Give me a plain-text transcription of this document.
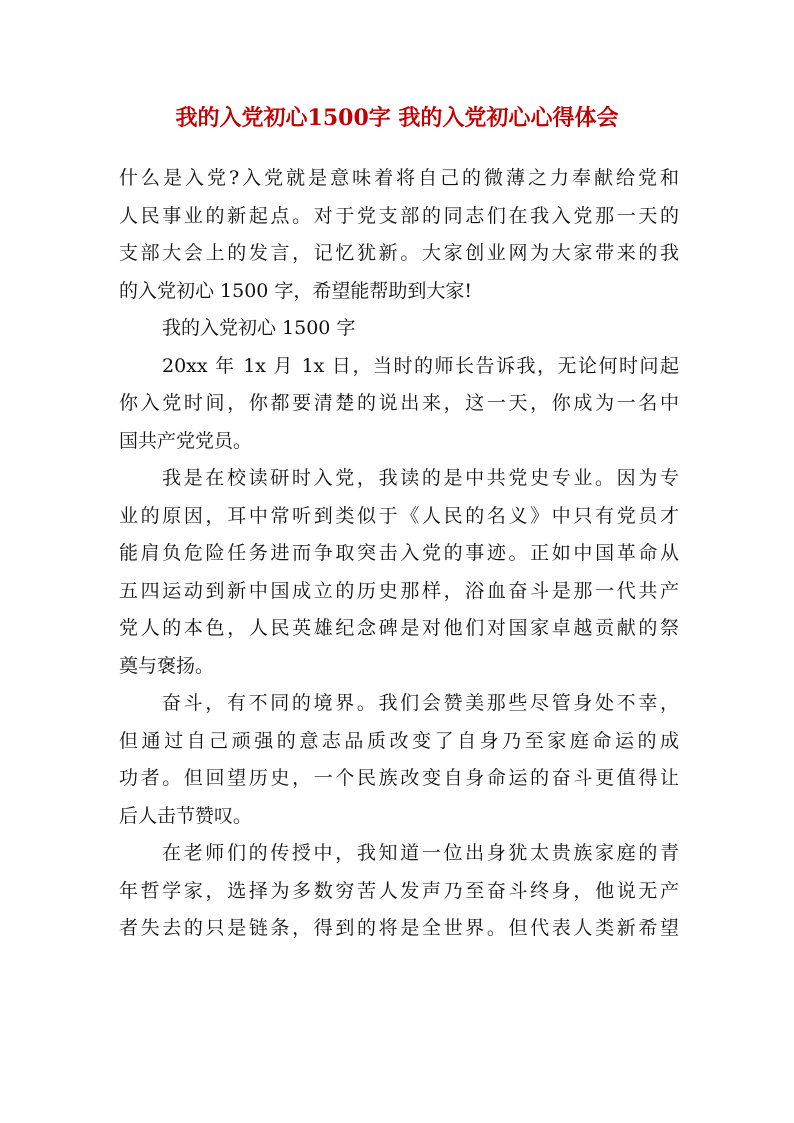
我的入党初心1500字 我的入党初心心得体会
什么是入党?入党就是意味着将自己的微薄之力奉献给党和
人民事业的新起点。对于党支部的同志们在我入党那一天的
支部大会上的发言，记忆犹新。大家创业网为大家带来的我
的入党初心 1500 字，希望能帮助到大家!
我的入党初心 1500 字
20xx 年 1x 月 1x 日，当时的师长告诉我，无论何时问起
你入党时间，你都要清楚的说出来，这一天，你成为一名中
国共产党党员。
我是在校读研时入党，我读的是中共党史专业。因为专
业的原因，耳中常听到类似于《人民的名义》中只有党员才
能肩负危险任务进而争取突击入党的事迹。正如中国革命从
五四运动到新中国成立的历史那样，浴血奋斗是那一代共产
党人的本色，人民英雄纪念碑是对他们对国家卓越贡献的祭
奠与褒扬。
奋斗，有不同的境界。我们会赞美那些尽管身处不幸，
但通过自己顽强的意志品质改变了自身乃至家庭命运的成
功者。但回望历史，一个民族改变自身命运的奋斗更值得让
后人击节赞叹。
在老师们的传授中，我知道一位出身犹太贵族家庭的青
年哲学家，选择为多数穷苦人发声乃至奋斗终身，他说无产
者失去的只是链条，得到的将是全世界。但代表人类新希望
